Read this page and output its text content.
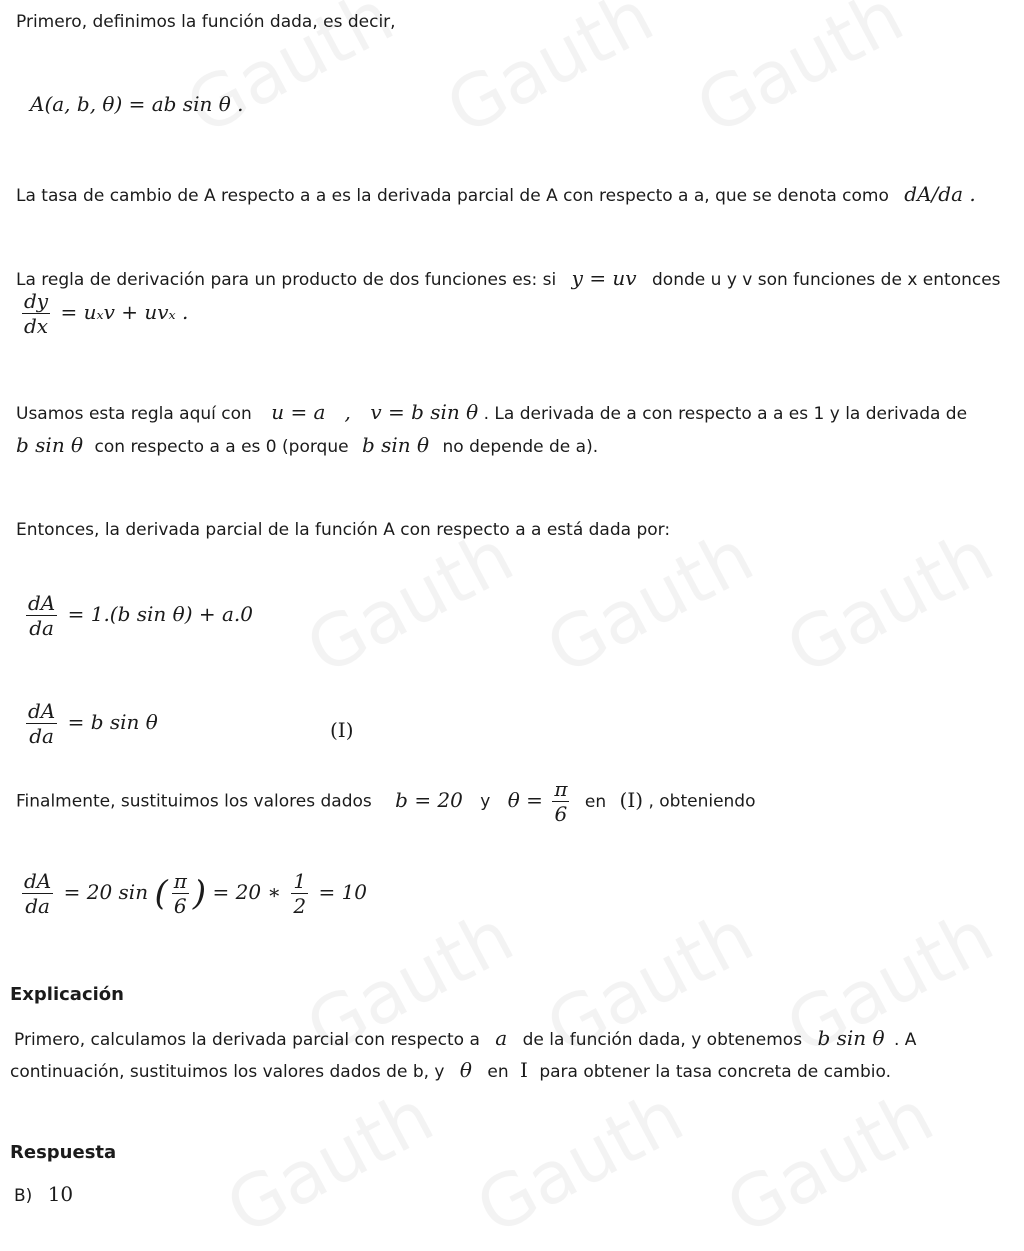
Primero, definimos la función dada, es decir,
A(a, b, θ) = ab sin θ .
La tasa de cambio de A respecto a a es la derivada parcial de A con respecto a a, que se denota como dA/da .
La regla de derivación para un producto de dos funciones es: si y = uv donde u y v son funciones de x entonces
$\frac{dy}{dx} = u_xv + uv_x$ .
Usamos esta regla aquí con u = a   , v = b sin θ . La derivada de a con respecto a a es 1 y la derivada de
b sin θ con respecto a a es 0 (porque b sin θ no depende de a).
Entonces, la derivada parcial de la función A con respecto a a está dada por:
$\frac{dA}{da} = 1.(b$ sin θ) + a.0
$\frac{dA}{da} = b$ sin θ	(I)
Finalmente, sustituimos los valores dados b = 20 y $\theta = \frac{\pi}{6}$ en (I) , obteniendo
$\frac{dA}{da} = 20$ sin ( $\frac{\pi}{6}$ ) = 20 ∗ $\frac{1}{2} = 10$
Explicación
Primero, calculamos la derivada parcial con respecto a a de la función dada, y obtenemos b sin θ . A
continuación, sustituimos los valores dados de b, y θ en I para obtener la tasa concreta de cambio.
Respuesta
B) 10
